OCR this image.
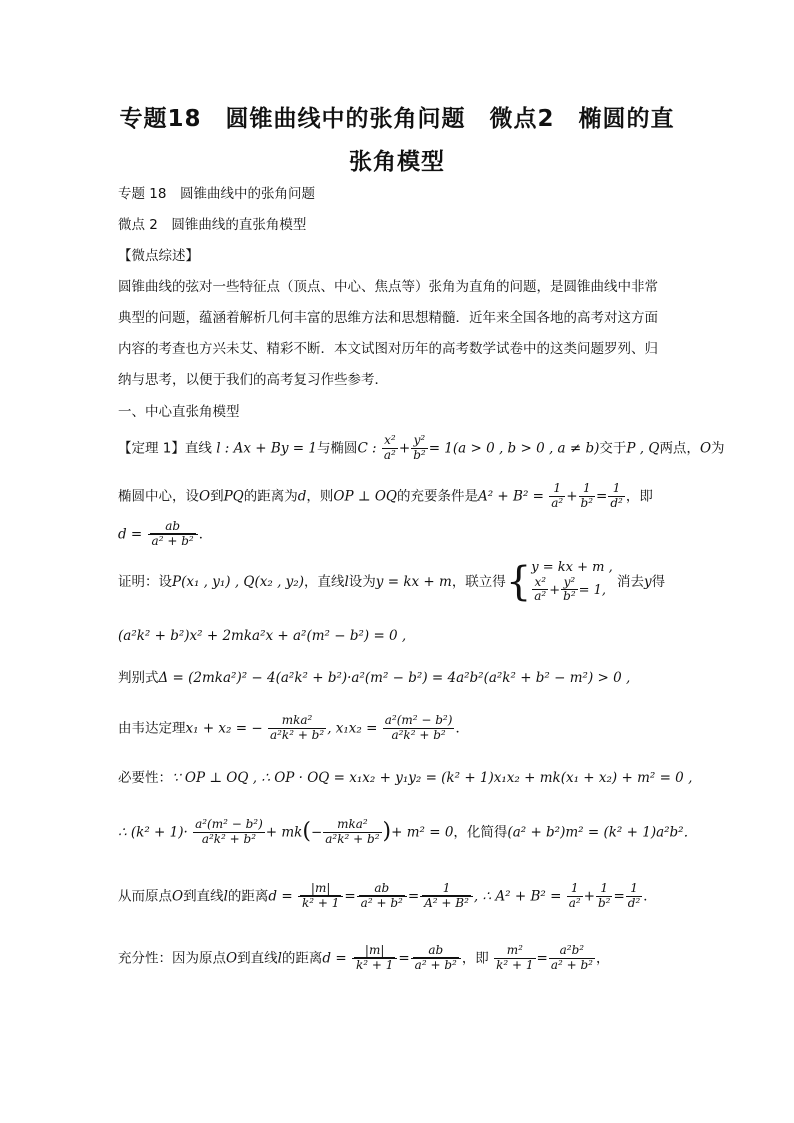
专题18　圆锥曲线中的张角问题　微点2　椭圆的直
张角模型
专题 18　圆锥曲线中的张角问题
微点 2　圆锥曲线的直张角模型
【微点综述】
圆锥曲线的弦对一些特征点（顶点、中心、焦点等）张角为直角的问题，是圆锥曲线中非常
典型的问题，蕴涵着解析几何丰富的思维方法和思想精髓．近年来全国各地的高考对这方面
内容的考查也方兴未艾、精彩不断．本文试图对历年的高考数学试卷中的这类问题罗列、归
纳与思考，以便于我们的高考复习作些参考．
一、中心直张角模型
【定理 1】直线 l : Ax + By = 1与椭圆C : $\frac{\text{x²}}{\text{a²}} + \frac{\text{y²}}{\text{b²}} = 1(a > 0$ , b > 0 , a ≠ b)交于P , Q两点，O为
椭圆中心，设O到PQ的距离为d，则OP ⊥ OQ的充要条件是$A^2 + B^2 = \frac{1}{\text{a²}} + \frac{1}{\text{b²}} = \frac{1}{\text{d²}}$ ，即
$d = \frac{ab}{\text{a² + b²}}$ ．
证明：设P(x₁ , y₁) , Q(x₂ , y₂)，直线l设为y = kx + m，联立得{ y = kx + m ,
$\frac{\text{x²}}{\text{a²}} + \frac{\text{y²}}{\text{b²}} = 1$, 消去y得
(a²k² + b²)x² + 2mka²x + a²(m² − b²) = 0 ,
判别式Δ = (2mka²)² − 4(a²k² + b²)·a²(m² − b²) = 4a²b²(a²k² + b² − m²) > 0 ,
由韦达定理x₁ + x₂ = − $\frac{\text{mka²}}{\text{a²k² + b²}}$ , $x_1x_2 = \frac{\text{a²(m² − b²)}}{\text{a²k² + b²}}$ ．
必要性：∵ OP ⊥ OQ , ∴ OP · OQ = x₁x₂ + y₁y₂ = (k² + 1)x₁x₂ + mk(x₁ + x₂) + m² = 0 ,
∴ $(k^2 + 1)\cdot \frac{\text{a²(m² − b²)}}{\text{a²k² + b²}} + mk(- \frac{\text{mka²}}{\text{a²k² + b²}}$ )+ m² = 0，化简得(a² + b²)m² = (k² + 1)a²b²．
从而原点O到直线l的距离$d = \frac{|m|}{\text{k² + 1}} = \frac{ab}{\text{a² + b²}} = \frac{1}{\text{A² + B²}}$ , ∴ $A^2 + B^2 = \frac{1}{\text{a²}} + \frac{1}{\text{b²}} = \frac{1}{\text{d²}}$ ．
充分性：因为原点O到直线l的距离$d = \frac{|m|}{\text{k² + 1}} = \frac{ab}{\text{a² + b²}}$ ，即 $\frac{\text{m²}}{\text{k² + 1}} = \frac{\text{a²b²}}{\text{a² + b²}}$ ，
